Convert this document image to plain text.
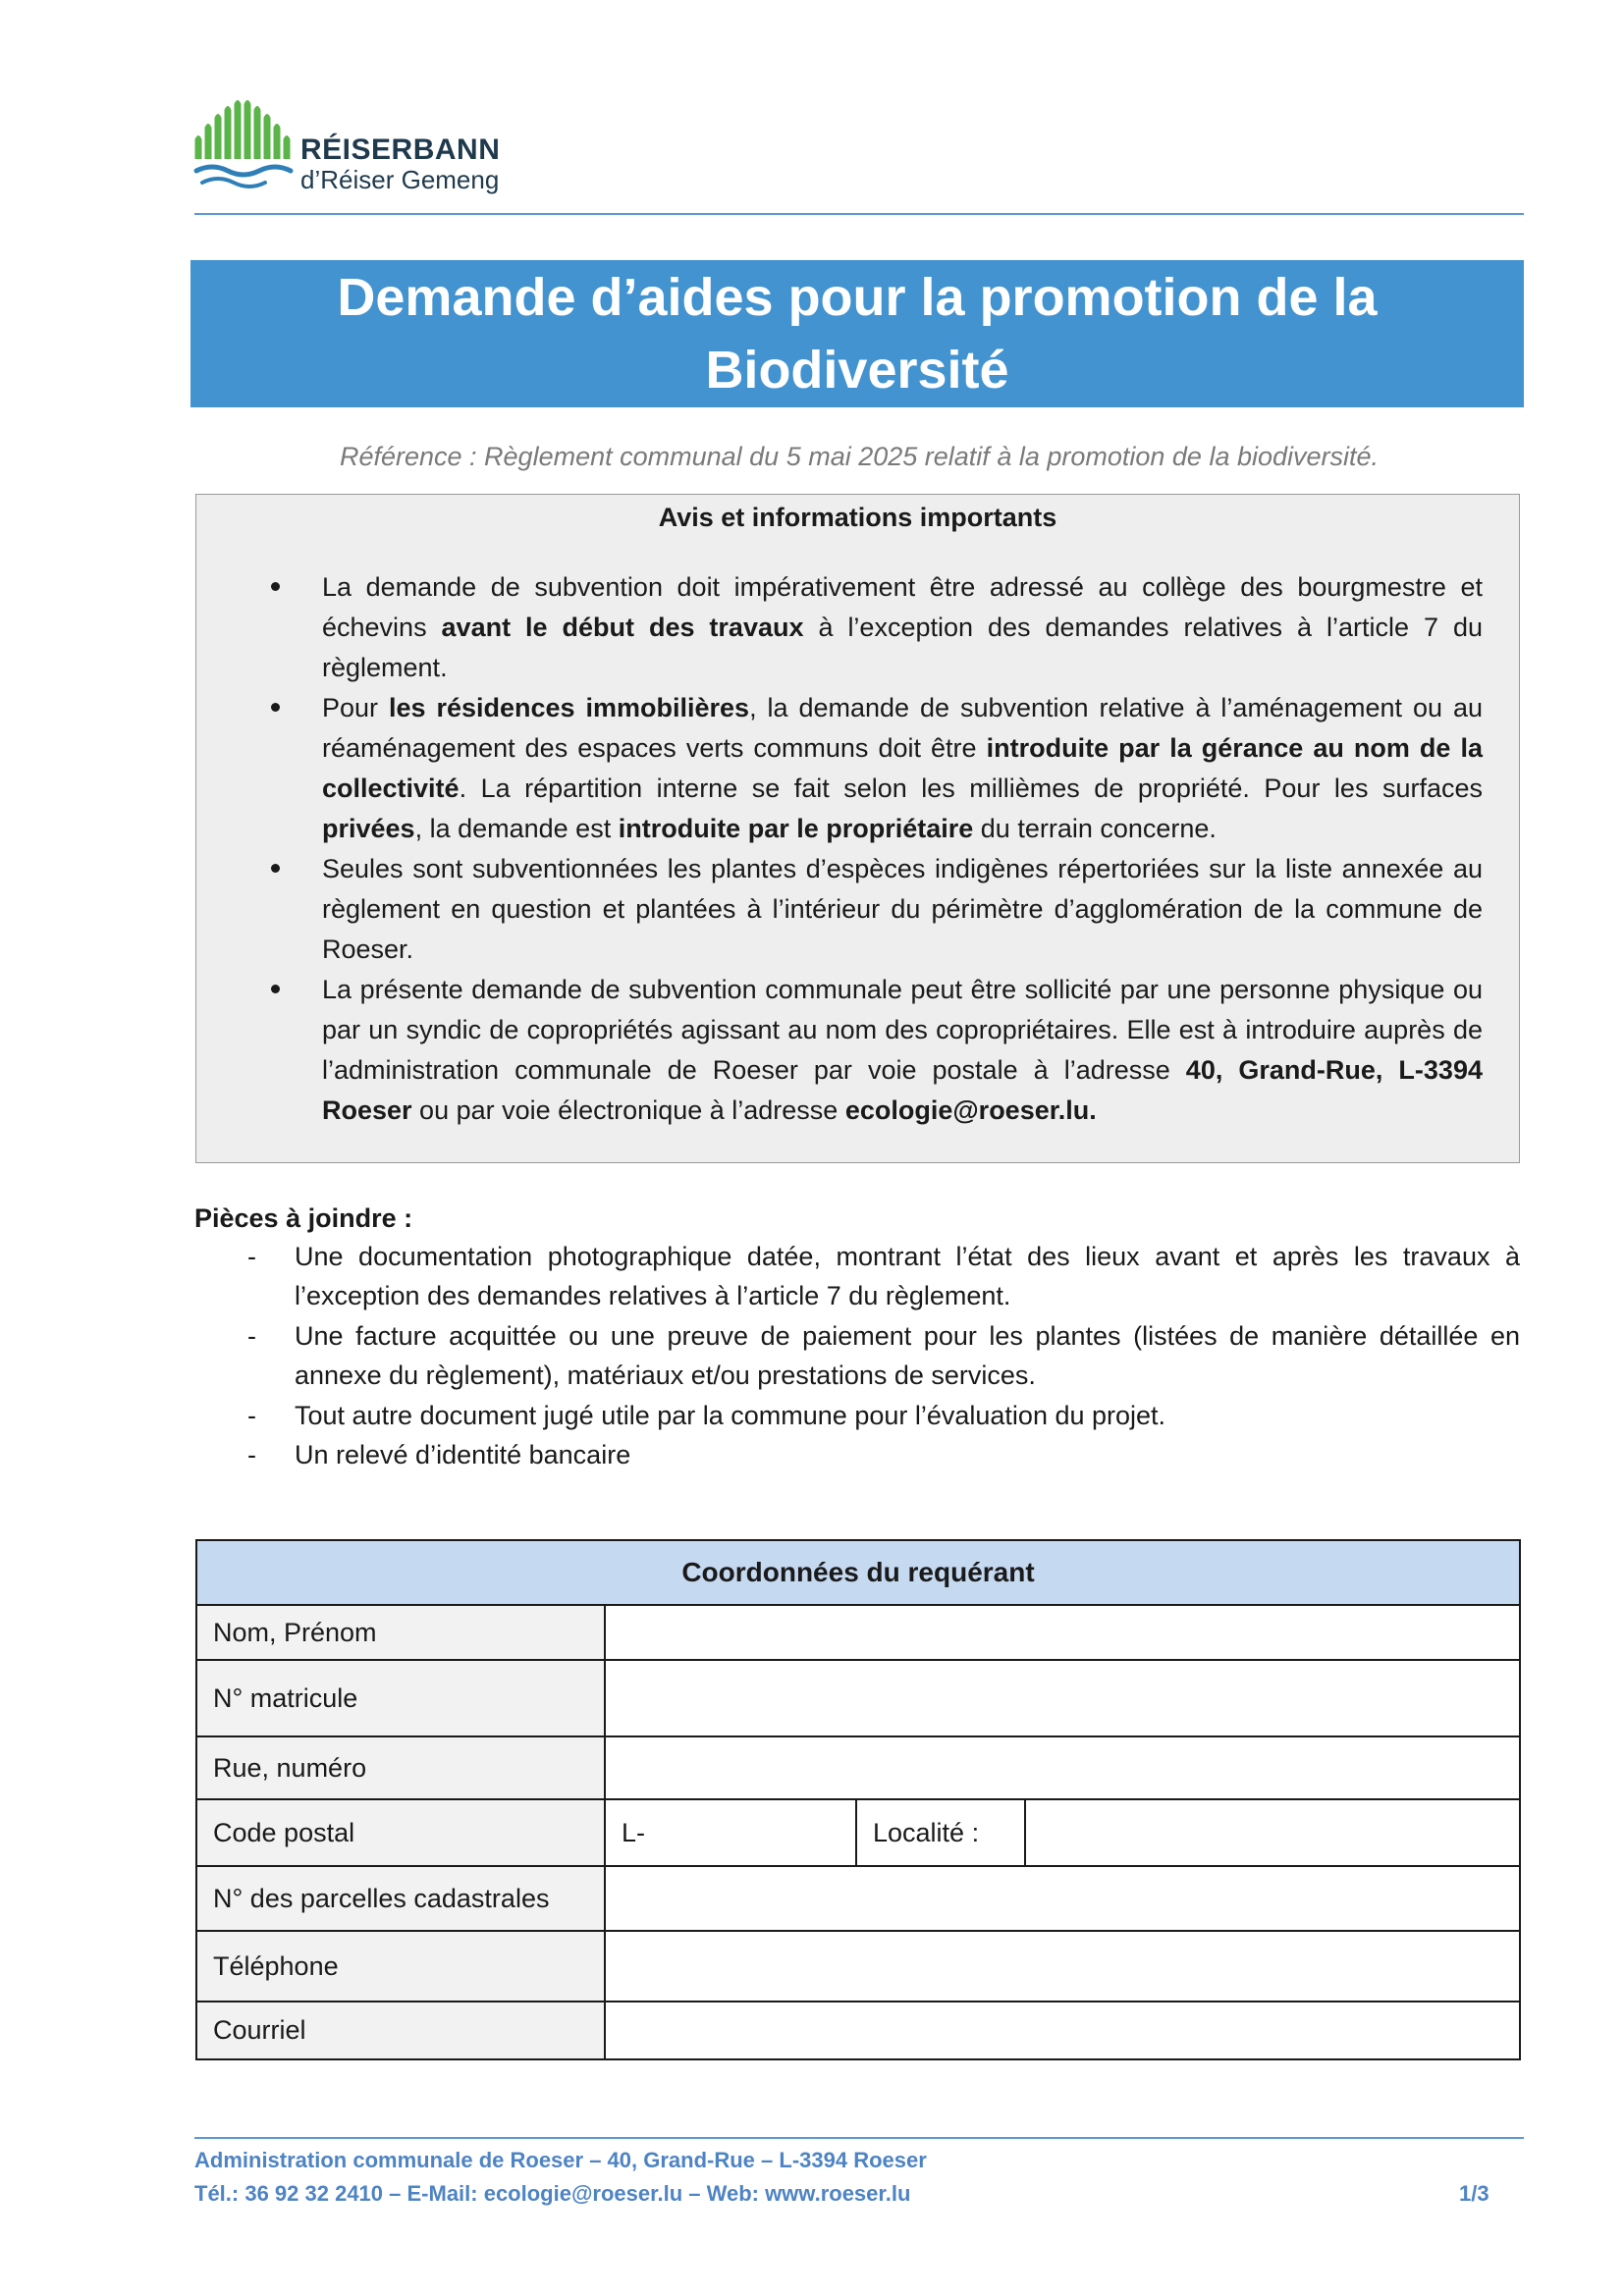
RÉISERBANN
d’Réiser Gemeng
Demande d’aides pour la promotion de la Biodiversité
Référence : Règlement communal du 5 mai 2025 relatif à la promotion de la biodiversité.
Avis et informations importants
La demande de subvention doit impérativement être adressé au collège des bourgmestre et échevins avant le début des travaux à l’exception des demandes relatives à l’article 7 du règlement.
Pour les résidences immobilières, la demande de subvention relative à l’aménagement ou au réaménagement des espaces verts communs doit être introduite par la gérance au nom de la collectivité. La répartition interne se fait selon les millièmes de propriété. Pour les surfaces privées, la demande est introduite par le propriétaire du terrain concerne.
Seules sont subventionnées les plantes d’espèces indigènes répertoriées sur la liste annexée au règlement en question et plantées à l’intérieur du périmètre d’agglomération de la commune de Roeser.
La présente demande de subvention communale peut être sollicité par une personne physique ou par un syndic de copropriétés agissant au nom des copropriétaires. Elle est à introduire auprès de l’administration communale de Roeser par voie postale à l’adresse 40, Grand-Rue, L-3394 Roeser ou par voie électronique à l’adresse ecologie@roeser.lu.
Pièces à joindre :
- Une documentation photographique datée, montrant l’état des lieux avant et après les travaux à l’exception des demandes relatives à l’article 7 du règlement.
- Une facture acquittée ou une preuve de paiement pour les plantes (listées de manière détaillée en annexe du règlement), matériaux et/ou prestations de services.
- Tout autre document jugé utile par la commune pour l’évaluation du projet.
- Un relevé d’identité bancaire
Coordonnées du requérant
Nom, Prénom
N° matricule
Rue, numéro
Code postal	L-	Localité :
N° des parcelles cadastrales
Téléphone
Courriel
Administration communale de Roeser – 40, Grand-Rue – L-3394 Roeser
Tél.: 36 92 32 2410 – E-Mail: ecologie@roeser.lu – Web: www.roeser.lu	1/3
